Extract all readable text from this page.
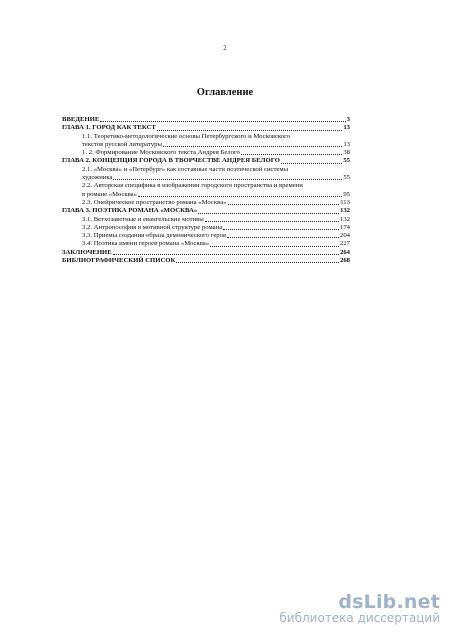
2
Оглавление
ВВЕДЕНИЕ	3
ГЛАВА 1. ГОРОД КАК ТЕКСТ	13
1.1. Теоретико-методологические основы Петербургского и Московского
текстов русской литературы	13
1. 2. Формирование Московского текста Андрея Белого	38
ГЛАВА 2. КОНЦЕПЦИЯ ГОРОДА В ТВОРЧЕСТВЕ АНДРЕЯ БЕЛОГО	55
2.1. «Москва» и «Петербург» как составные части поэтической системы
художника	55
2.2. Авторская специфика в изображении городского пространства и времени
в романе «Москва»	95
2.3. Онейрическое пространство романа «Москва»	113
ГЛАВА 3. ПОЭТИКА РОМАНА «МОСКВА»	132
3.1. Ветхозаветные и евангельские мотивы	132
3.2. Антропософия в мотивной структуре романа	174
3.3. Приемы создания образа демонического героя	204
3.4. Поэтика имени героев романа «Москва»	227
ЗАКЛЮЧЕНИЕ	264
БИБЛИОГРАФИЧЕСКИЙ СПИСОК	268
dsLib.net
библиотека диссертаций
